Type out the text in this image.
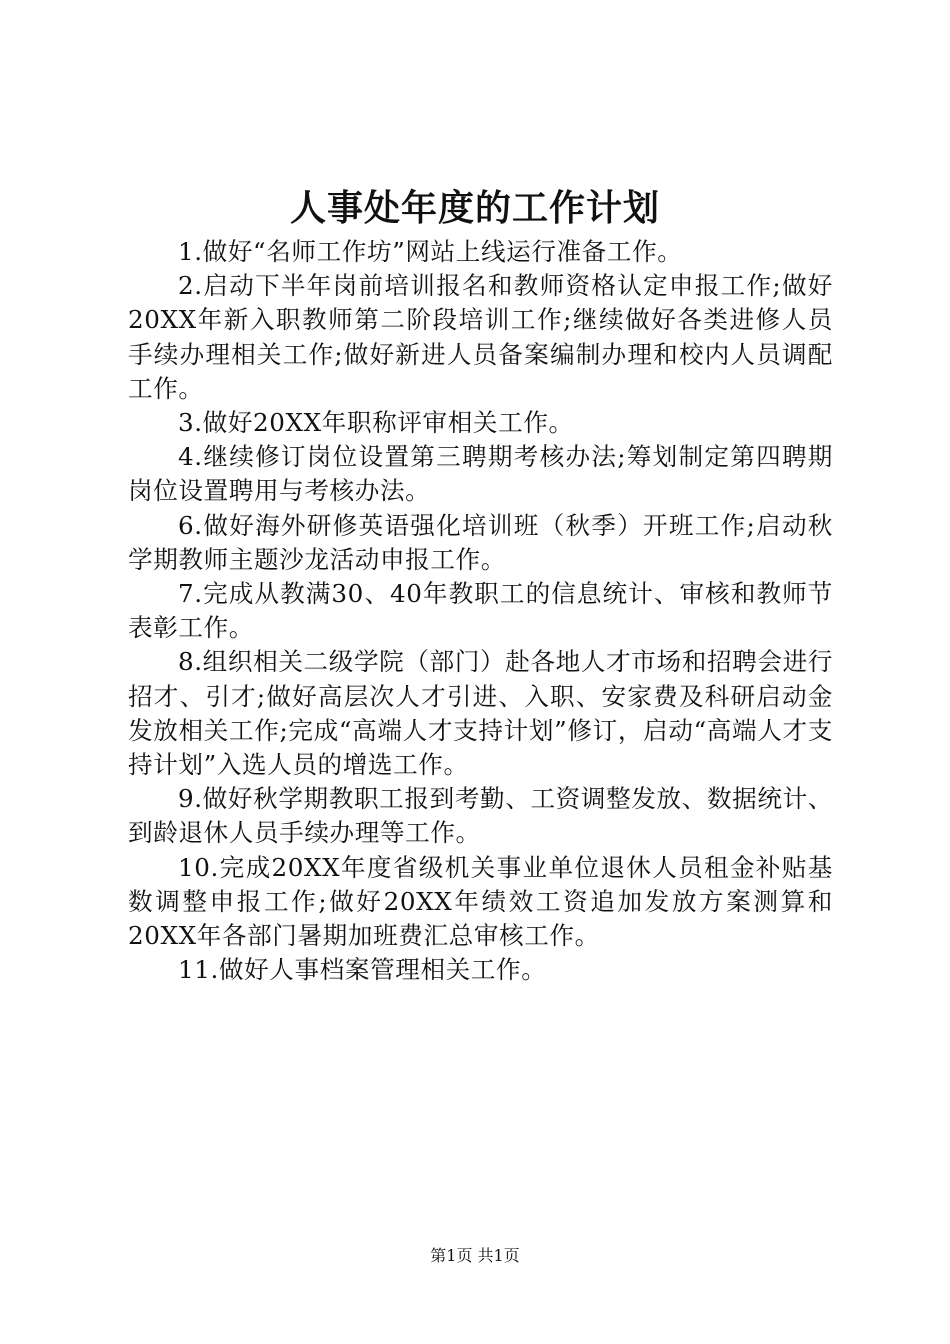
人事处年度的工作计划

1.做好“名师工作坊”网站上线运行准备工作。

2.启动下半年岗前培训报名和教师资格认定申报工作;做好20XX年新入职教师第二阶段培训工作;继续做好各类进修人员手续办理相关工作;做好新进人员备案编制办理和校内人员调配工作。

3.做好20XX年职称评审相关工作。

4.继续修订岗位设置第三聘期考核办法;筹划制定第四聘期岗位设置聘用与考核办法。

6.做好海外研修英语强化培训班（秋季）开班工作;启动秋学期教师主题沙龙活动申报工作。

7.完成从教满30、40年教职工的信息统计、审核和教师节表彰工作。

8.组织相关二级学院（部门）赴各地人才市场和招聘会进行招才、引才;做好高层次人才引进、入职、安家费及科研启动金发放相关工作;完成“高端人才支持计划”修订，启动“高端人才支持计划”入选人员的增选工作。

9.做好秋学期教职工报到考勤、工资调整发放、数据统计、到龄退休人员手续办理等工作。

10.完成20XX年度省级机关事业单位退休人员租金补贴基数调整申报工作;做好20XX年绩效工资追加发放方案测算和20XX年各部门暑期加班费汇总审核工作。

11.做好人事档案管理相关工作。

第1页 共1页
